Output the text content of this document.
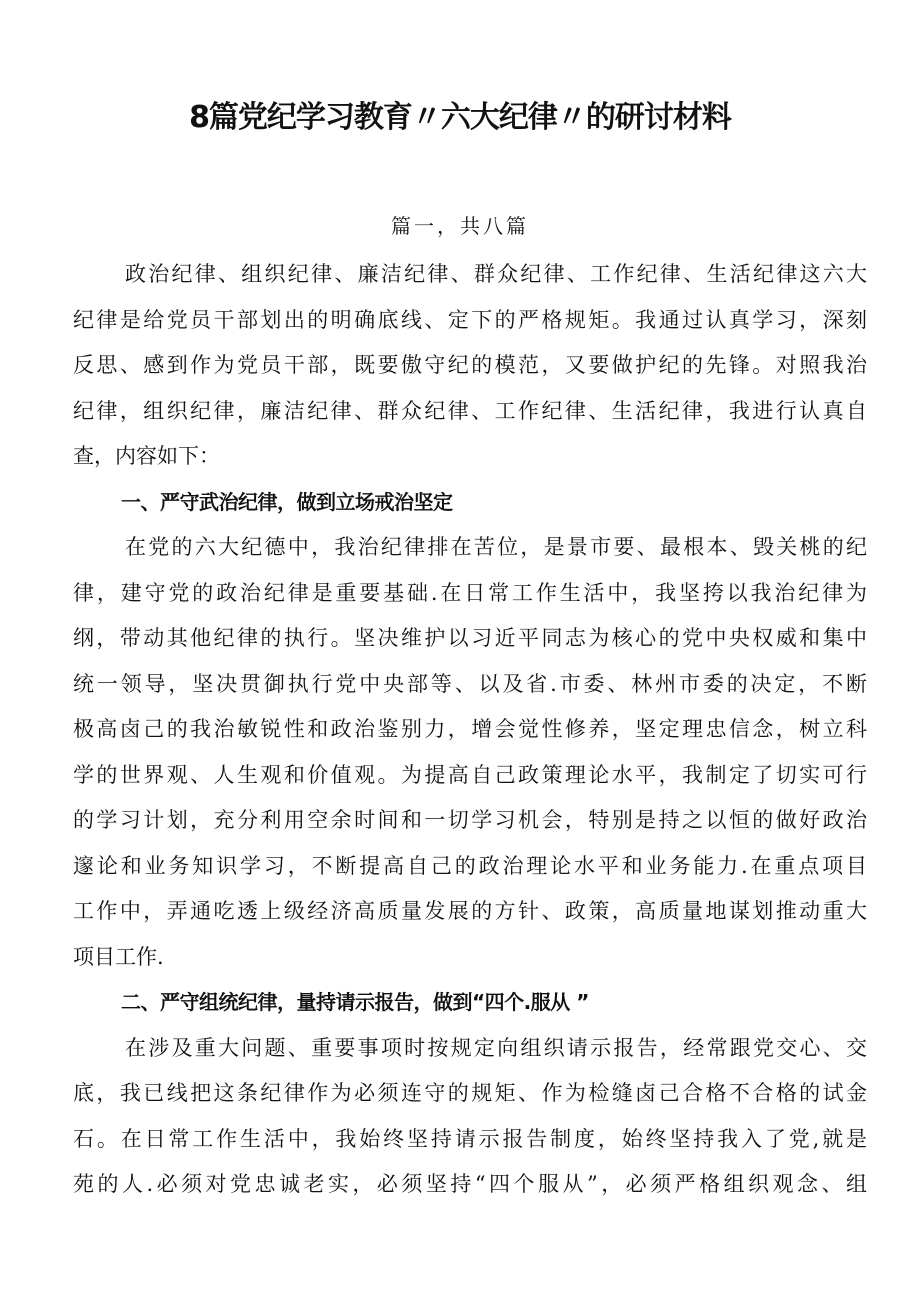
8篇党纪学习教育〃六大纪律〃的研讨材料
篇一，共八篇
政治纪律、组织纪律、廉洁纪律、群众纪律、工作纪律、生活纪律这六大
纪律是给党员干部划出的明确底线、定下的严格规矩。我通过认真学习，深刻
反思、感到作为党员干部，既要傲守纪的模范，又要做护纪的先锋。对照我治
纪律，组织纪律，廉洁纪律、群众纪律、工作纪律、生活纪律，我进行认真自
查，内容如下：
一、严守武治纪律，做到立场戒治坚定
在党的六大纪德中，我治纪律排在苦位，是景市要、最根本、毁关桃的纪
律，建守党的政治纪律是重要基础.在日常工作生活中，我坚挎以我治纪律为
纲，带动其他纪律的执行。坚决维护以习近平同志为核心的党中央权威和集中
统一领导，坚决贯御执行党中央部等、以及省.市委、林州市委的决定，不断
极高卤己的我治敏锐性和政治鉴别力，增会觉性修养，坚定理忠信念，树立科
学的世界观、人生观和价值观。为提高自己政策理论水平，我制定了切实可行
的学习计划，充分利用空余时间和一切学习机会，特别是持之以恒的做好政治
邃论和业务知识学习，不断提高自己的政治理论水平和业务能力.在重点项目
工作中，弄通吃透上级经济高质量发展的方针、政策，高质量地谋划推动重大
项目工作.
二、严守组统纪律，量持请示报告，做到“四个.服从 ”
在涉及重大问题、重要事项时按规定向组织请示报告，经常跟党交心、交
底，我已线把这条纪律作为必须连守的规矩、作为检缝卤己合格不合格的试金
石。在日常工作生活中，我始终坚持请示报告制度，始终坚持我入了党,就是
苑的人.必须对党忠诚老实，必须坚持“四个服从”，必须严格组织观念、组
